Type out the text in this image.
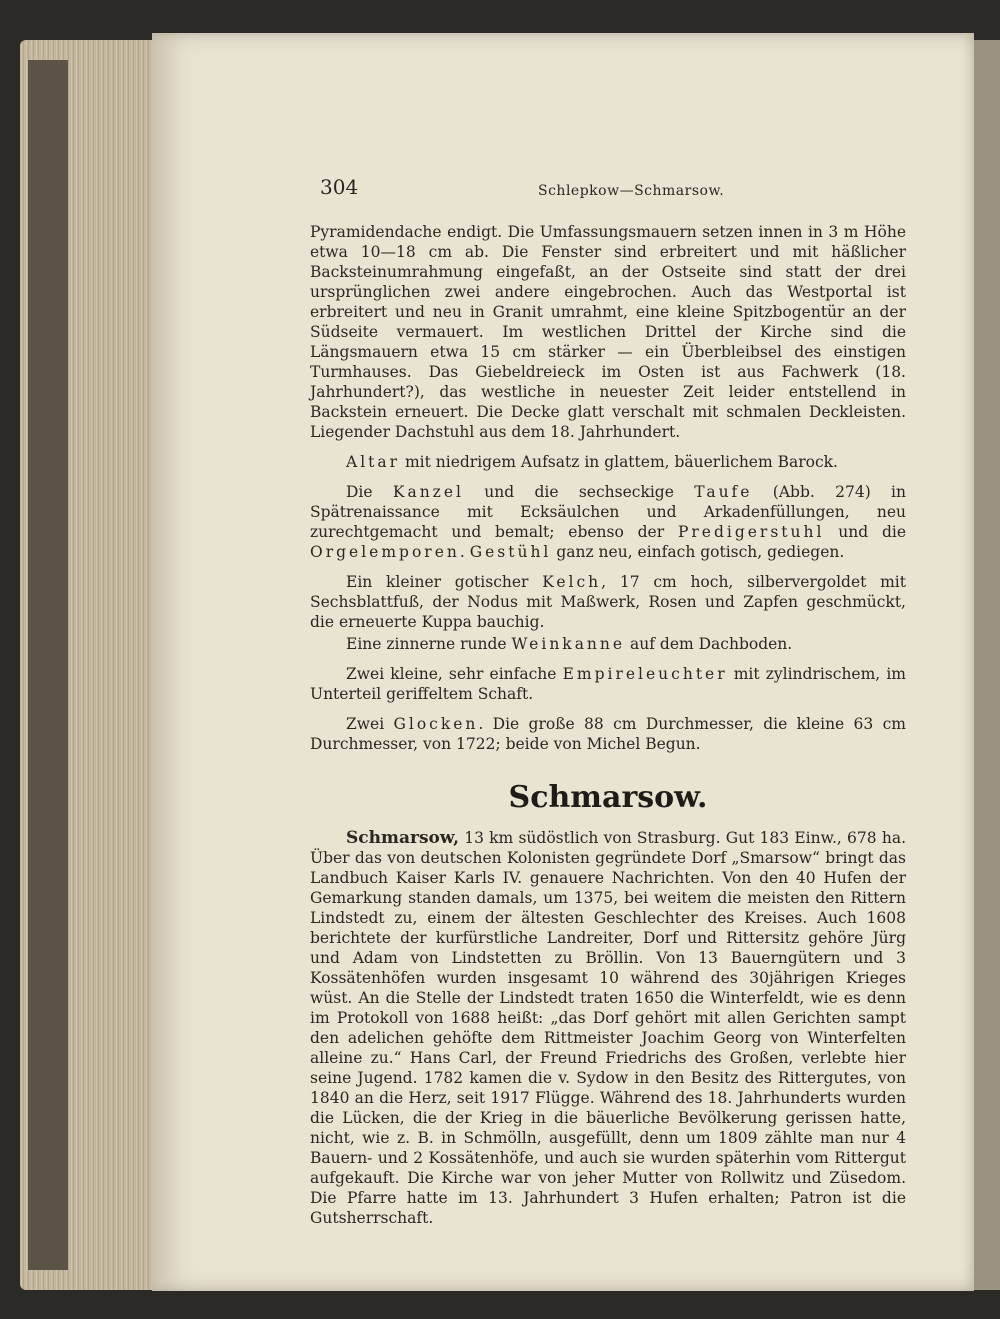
304	Schlepkow—Schmarsow.

Pyramidendache endigt. Die Umfassungsmauern setzen innen in 3 m Höhe etwa 10—18 cm ab. Die Fenster sind erbreitert und mit häßlicher Backsteinumrahmung eingefaßt, an der Ostseite sind statt der drei ursprünglichen zwei andere eingebrochen. Auch das Westportal ist erbreitert und neu in Granit umrahmt, eine kleine Spitzbogentür an der Südseite vermauert. Im westlichen Drittel der Kirche sind die Längsmauern etwa 15 cm stärker — ein Überbleibsel des einstigen Turmhauses. Das Giebeldreieck im Osten ist aus Fachwerk (18. Jahrhundert?), das westliche in neuester Zeit leider entstellend in Backstein erneuert. Die Decke glatt verschalt mit schmalen Deckleisten. Liegender Dachstuhl aus dem 18. Jahrhundert.

Altar mit niedrigem Aufsatz in glattem, bäuerlichem Barock.

Die Kanzel und die sechseckige Taufe (Abb. 274) in Spätrenaissance mit Ecksäulchen und Arkadenfüllungen, neu zurechtgemacht und bemalt; ebenso der Predigerstuhl und die Orgelemporen. Gestühl ganz neu, einfach gotisch, gediegen.

Ein kleiner gotischer Kelch, 17 cm hoch, silbervergoldet mit Sechsblattfuß, der Nodus mit Maßwerk, Rosen und Zapfen geschmückt, die erneuerte Kuppa bauchig.

Eine zinnerne runde Weinkanne auf dem Dachboden.

Zwei kleine, sehr einfache Empireleuchter mit zylindrischem, im Unterteil geriffeltem Schaft.

Zwei Glocken. Die große 88 cm Durchmesser, die kleine 63 cm Durchmesser, von 1722; beide von Michel Begun.

Schmarsow.

Schmarsow, 13 km südöstlich von Strasburg. Gut 183 Einw., 678 ha. Über das von deutschen Kolonisten gegründete Dorf „Smarsow“ bringt das Landbuch Kaiser Karls IV. genauere Nachrichten. Von den 40 Hufen der Gemarkung standen damals, um 1375, bei weitem die meisten den Rittern Lindstedt zu, einem der ältesten Geschlechter des Kreises. Auch 1608 berichtete der kurfürstliche Landreiter, Dorf und Rittersitz gehöre Jürg und Adam von Lindstetten zu Bröllin. Von 13 Bauerngütern und 3 Kossätenhöfen wurden insgesamt 10 während des 30jährigen Krieges wüst. An die Stelle der Lindstedt traten 1650 die Winterfeldt, wie es denn im Protokoll von 1688 heißt: „das Dorf gehört mit allen Gerichten sampt den adelichen gehöfte dem Rittmeister Joachim Georg von Winterfelten alleine zu.“ Hans Carl, der Freund Friedrichs des Großen, verlebte hier seine Jugend. 1782 kamen die v. Sydow in den Besitz des Rittergutes, von 1840 an die Herz, seit 1917 Flügge. Während des 18. Jahrhunderts wurden die Lücken, die der Krieg in die bäuerliche Bevölkerung gerissen hatte, nicht, wie z. B. in Schmölln, ausgefüllt, denn um 1809 zählte man nur 4 Bauern- und 2 Kossätenhöfe, und auch sie wurden späterhin vom Rittergut aufgekauft. Die Kirche war von jeher Mutter von Rollwitz und Züsedom. Die Pfarre hatte im 13. Jahrhundert 3 Hufen erhalten; Patron ist die Gutsherrschaft.
